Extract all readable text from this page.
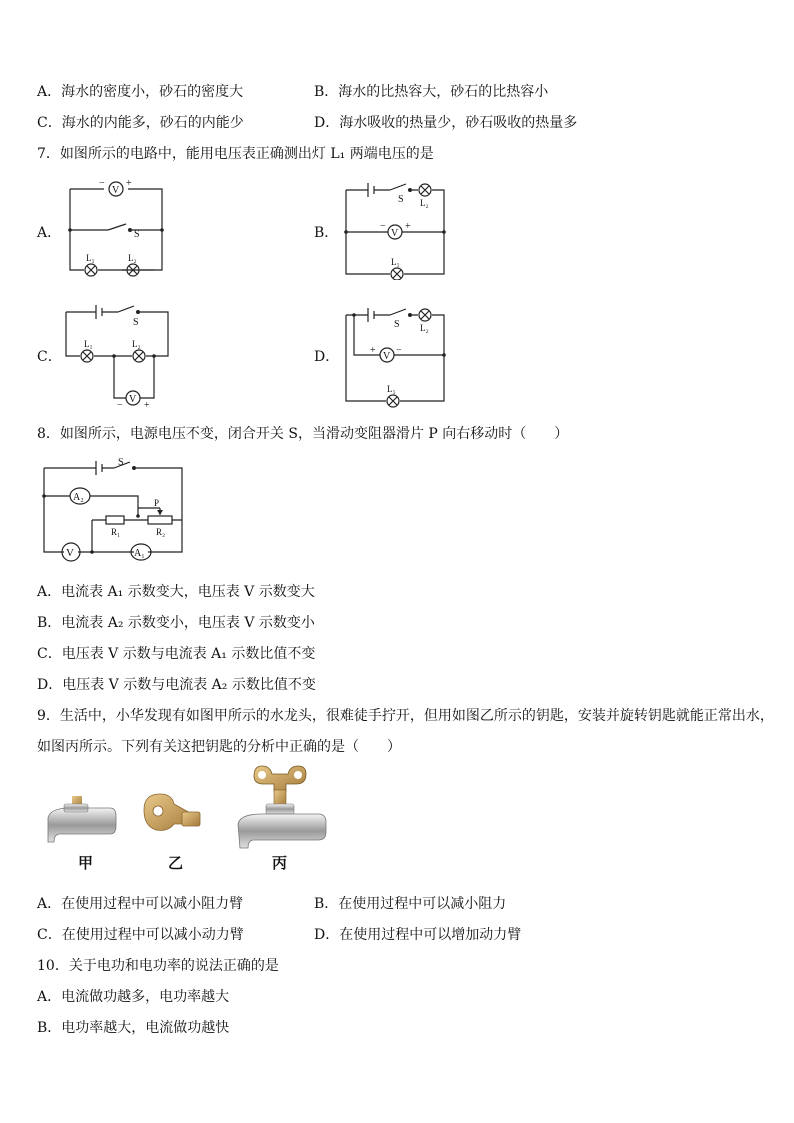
A．海水的密度小，砂石的密度大	B．海水的比热容大，砂石的比热容小
C．海水的内能多，砂石的内能少	D．海水吸收的热量少，砂石吸收的热量多
7．如图所示的电路中，能用电压表正确测出灯 L₁ 两端电压的是
A．
V
− +
S
L₁	L₂
B．
S L₂
V
− +
L₁
C．
L₁	L₂
S
V
− +
D．
S L₂
V
+ −
L₁
8．如图所示，电源电压不变，闭合开关 S，当滑动变阻器滑片 P 向右移动时（　　）
S
A₂	P
R₁	R₂
V	A₁
A．电流表 A₁ 示数变大，电压表 V 示数变大
B．电流表 A₂ 示数变小，电压表 V 示数变小
C．电压表 V 示数与电流表 A₁ 示数比值不变
D．电压表 V 示数与电流表 A₂ 示数比值不变
9．生活中，小华发现有如图甲所示的水龙头，很难徒手拧开，但用如图乙所示的钥匙，安装并旋转钥匙就能正常出水，
如图丙所示。下列有关这把钥匙的分析中正确的是（　　）
甲	乙	丙
A．在使用过程中可以减小阻力臂	B．在使用过程中可以减小阻力
C．在使用过程中可以减小动力臂	D．在使用过程中可以增加动力臂
10．关于电功和电功率的说法正确的是
A．电流做功越多，电功率越大
B．电功率越大，电流做功越快
